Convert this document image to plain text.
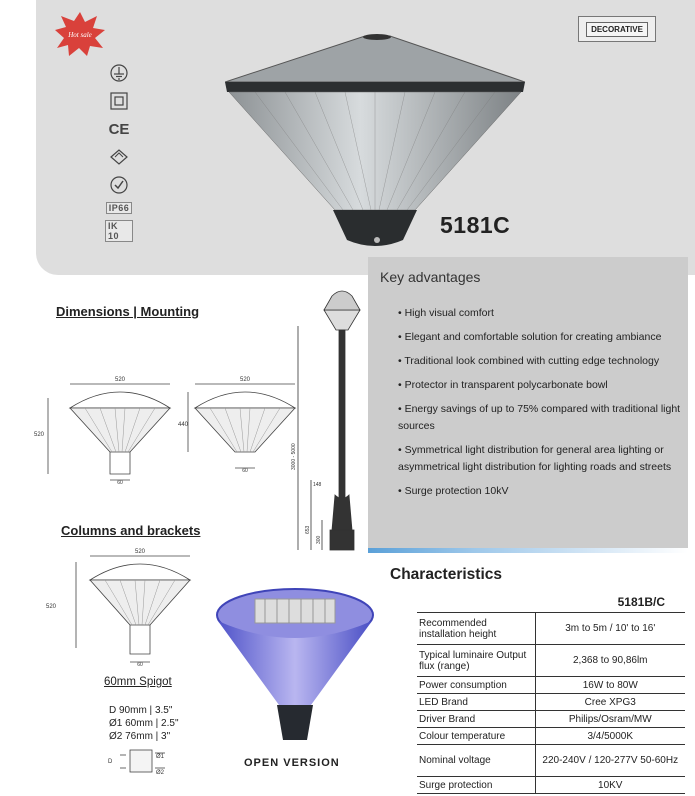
Hot sale
CE
IP66
IK 10
DECORATIVE
5181C
Key advantages
• High visual comfort
• Elegant and comfortable solution for creating ambiance
• Traditional look combined with cutting edge technology
• Protector in transparent polycarbonate bowl
• Energy savings of up to 75% compared with traditional light sources
• Symmetrical light distribution for general area lighting or asymmetrical light distribution for lighting roads and streets
• Surge protection 10kV
Dimensions | Mounting
Columns and brackets
520
520
60
520
440
60
3000 - 5000
148
653
300
520
520
60
D
Ø1
Ø2
60mm Spigot
D 90mm | 3.5"
Ø1 60mm | 2.5"
Ø2 76mm | 3"
OPEN VERSION
Characteristics
5181B/C	
Recommended installation height	3m to 5m / 10' to 16'
Typical luminaire Output flux (range)	2,368 to 90,86lm
Power consumption	16W to 80W
LED Brand	Cree XPG3
Driver Brand	Philips/Osram/MW
Colour temperature	3/4/5000K
Nominal voltage	220-240V / 120-277V 50-60Hz
Surge protection	10KV
